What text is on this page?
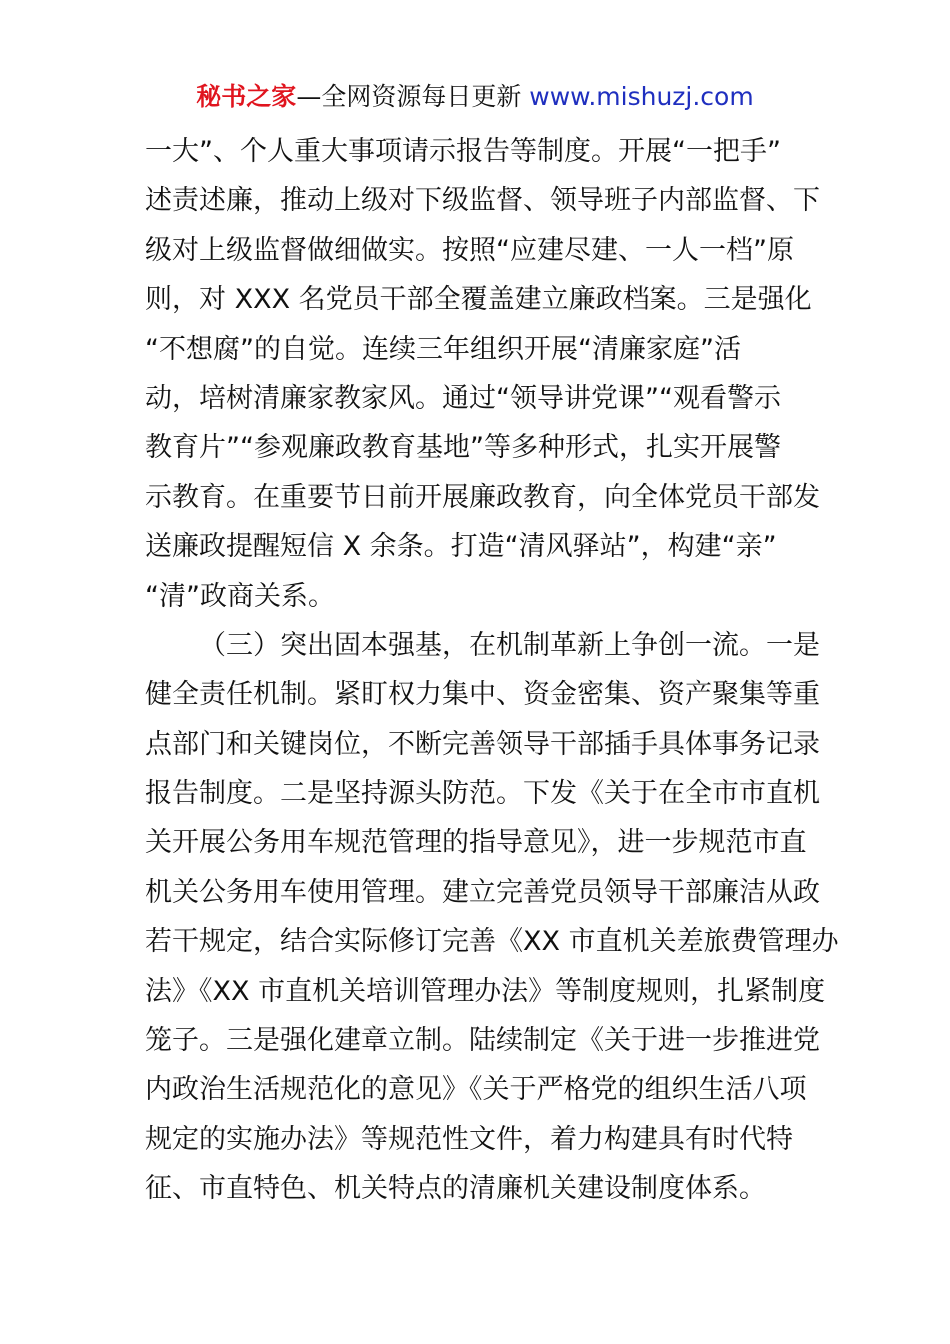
秘书之家—全网资源每日更新 www.mishuzj.com
一大”、个人重大事项请示报告等制度。开展“一把手”
述责述廉，推动上级对下级监督、领导班子内部监督、下
级对上级监督做细做实。按照“应建尽建、一人一档”原
则，对 XXX 名党员干部全覆盖建立廉政档案。三是强化
“不想腐”的自觉。连续三年组织开展“清廉家庭”活
动，培树清廉家教家风。通过“领导讲党课”“观看警示
教育片”“参观廉政教育基地”等多种形式，扎实开展警
示教育。在重要节日前开展廉政教育，向全体党员干部发
送廉政提醒短信 X 余条。打造“清风驿站”，构建“亲”
“清”政商关系。
（三）突出固本强基，在机制革新上争创一流。一是
健全责任机制。紧盯权力集中、资金密集、资产聚集等重
点部门和关键岗位，不断完善领导干部插手具体事务记录
报告制度。二是坚持源头防范。下发《关于在全市市直机
关开展公务用车规范管理的指导意见》，进一步规范市直
机关公务用车使用管理。建立完善党员领导干部廉洁从政
若干规定，结合实际修订完善《XX 市直机关差旅费管理办
法》《XX 市直机关培训管理办法》等制度规则，扎紧制度
笼子。三是强化建章立制。陆续制定《关于进一步推进党
内政治生活规范化的意见》《关于严格党的组织生活八项
规定的实施办法》等规范性文件，着力构建具有时代特
征、市直特色、机关特点的清廉机关建设制度体系。
